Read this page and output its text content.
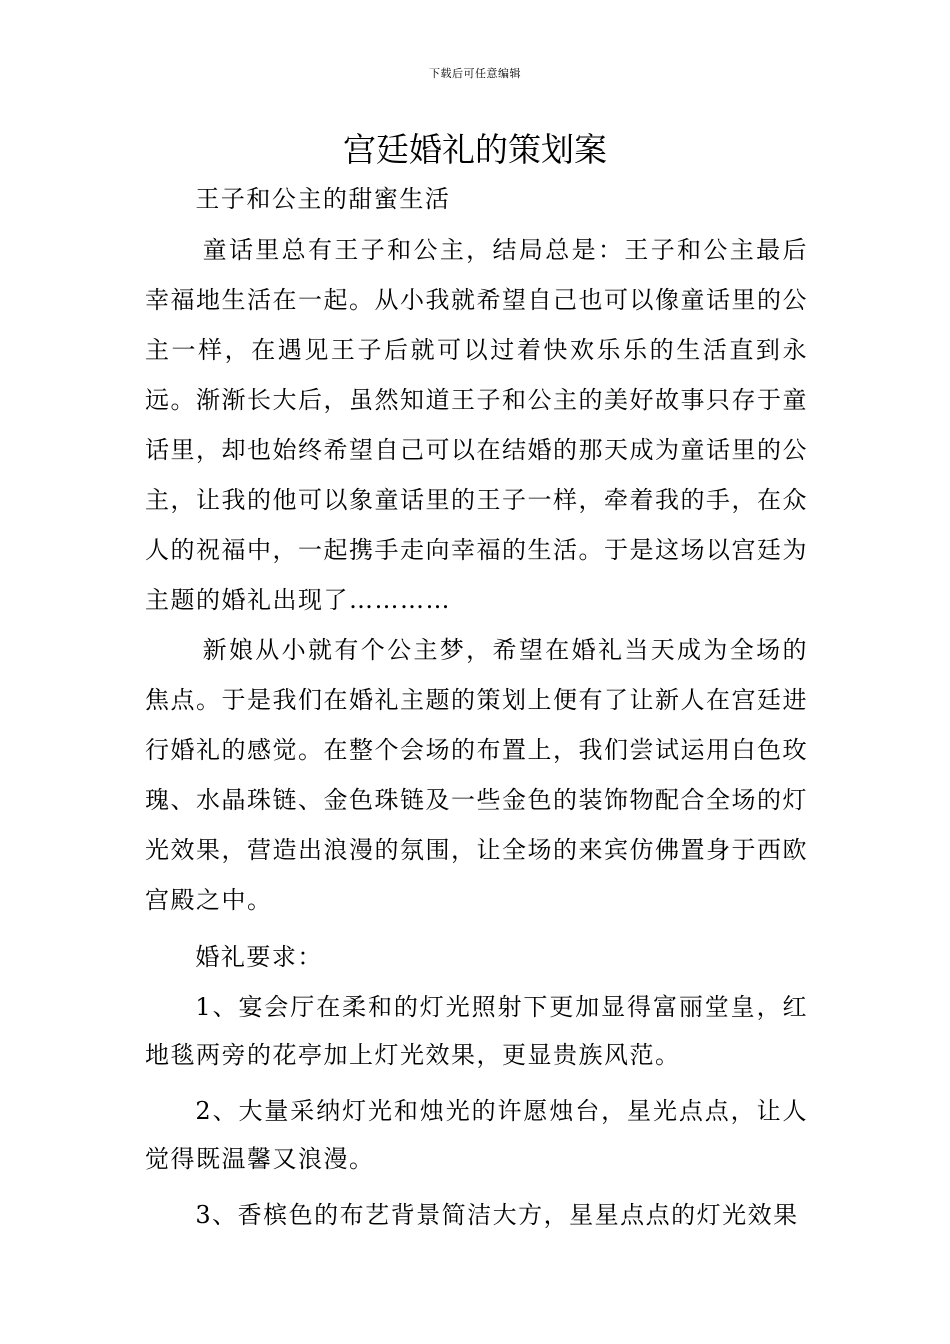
下载后可任意编辑
宫廷婚礼的策划案

王子和公主的甜蜜生活

童话里总有王子和公主，结局总是：王子和公主最后幸福地生活在一起。从小我就希望自己也可以像童话里的公主一样，在遇见王子后就可以过着快欢乐乐的生活直到永远。渐渐长大后，虽然知道王子和公主的美好故事只存于童话里，却也始终希望自己可以在结婚的那天成为童话里的公主，让我的他可以象童话里的王子一样，牵着我的手，在众人的祝福中，一起携手走向幸福的生活。于是这场以宫廷为主题的婚礼出现了…………

新娘从小就有个公主梦，希望在婚礼当天成为全场的焦点。于是我们在婚礼主题的策划上便有了让新人在宫廷进行婚礼的感觉。在整个会场的布置上，我们尝试运用白色玫瑰、水晶珠链、金色珠链及一些金色的装饰物配合全场的灯光效果，营造出浪漫的氛围，让全场的来宾仿佛置身于西欧宫殿之中。

婚礼要求：

1、宴会厅在柔和的灯光照射下更加显得富丽堂皇，红地毯两旁的花亭加上灯光效果，更显贵族风范。

2、大量采纳灯光和烛光的许愿烛台，星光点点，让人觉得既温馨又浪漫。

3、香槟色的布艺背景简洁大方，星星点点的灯光效果
